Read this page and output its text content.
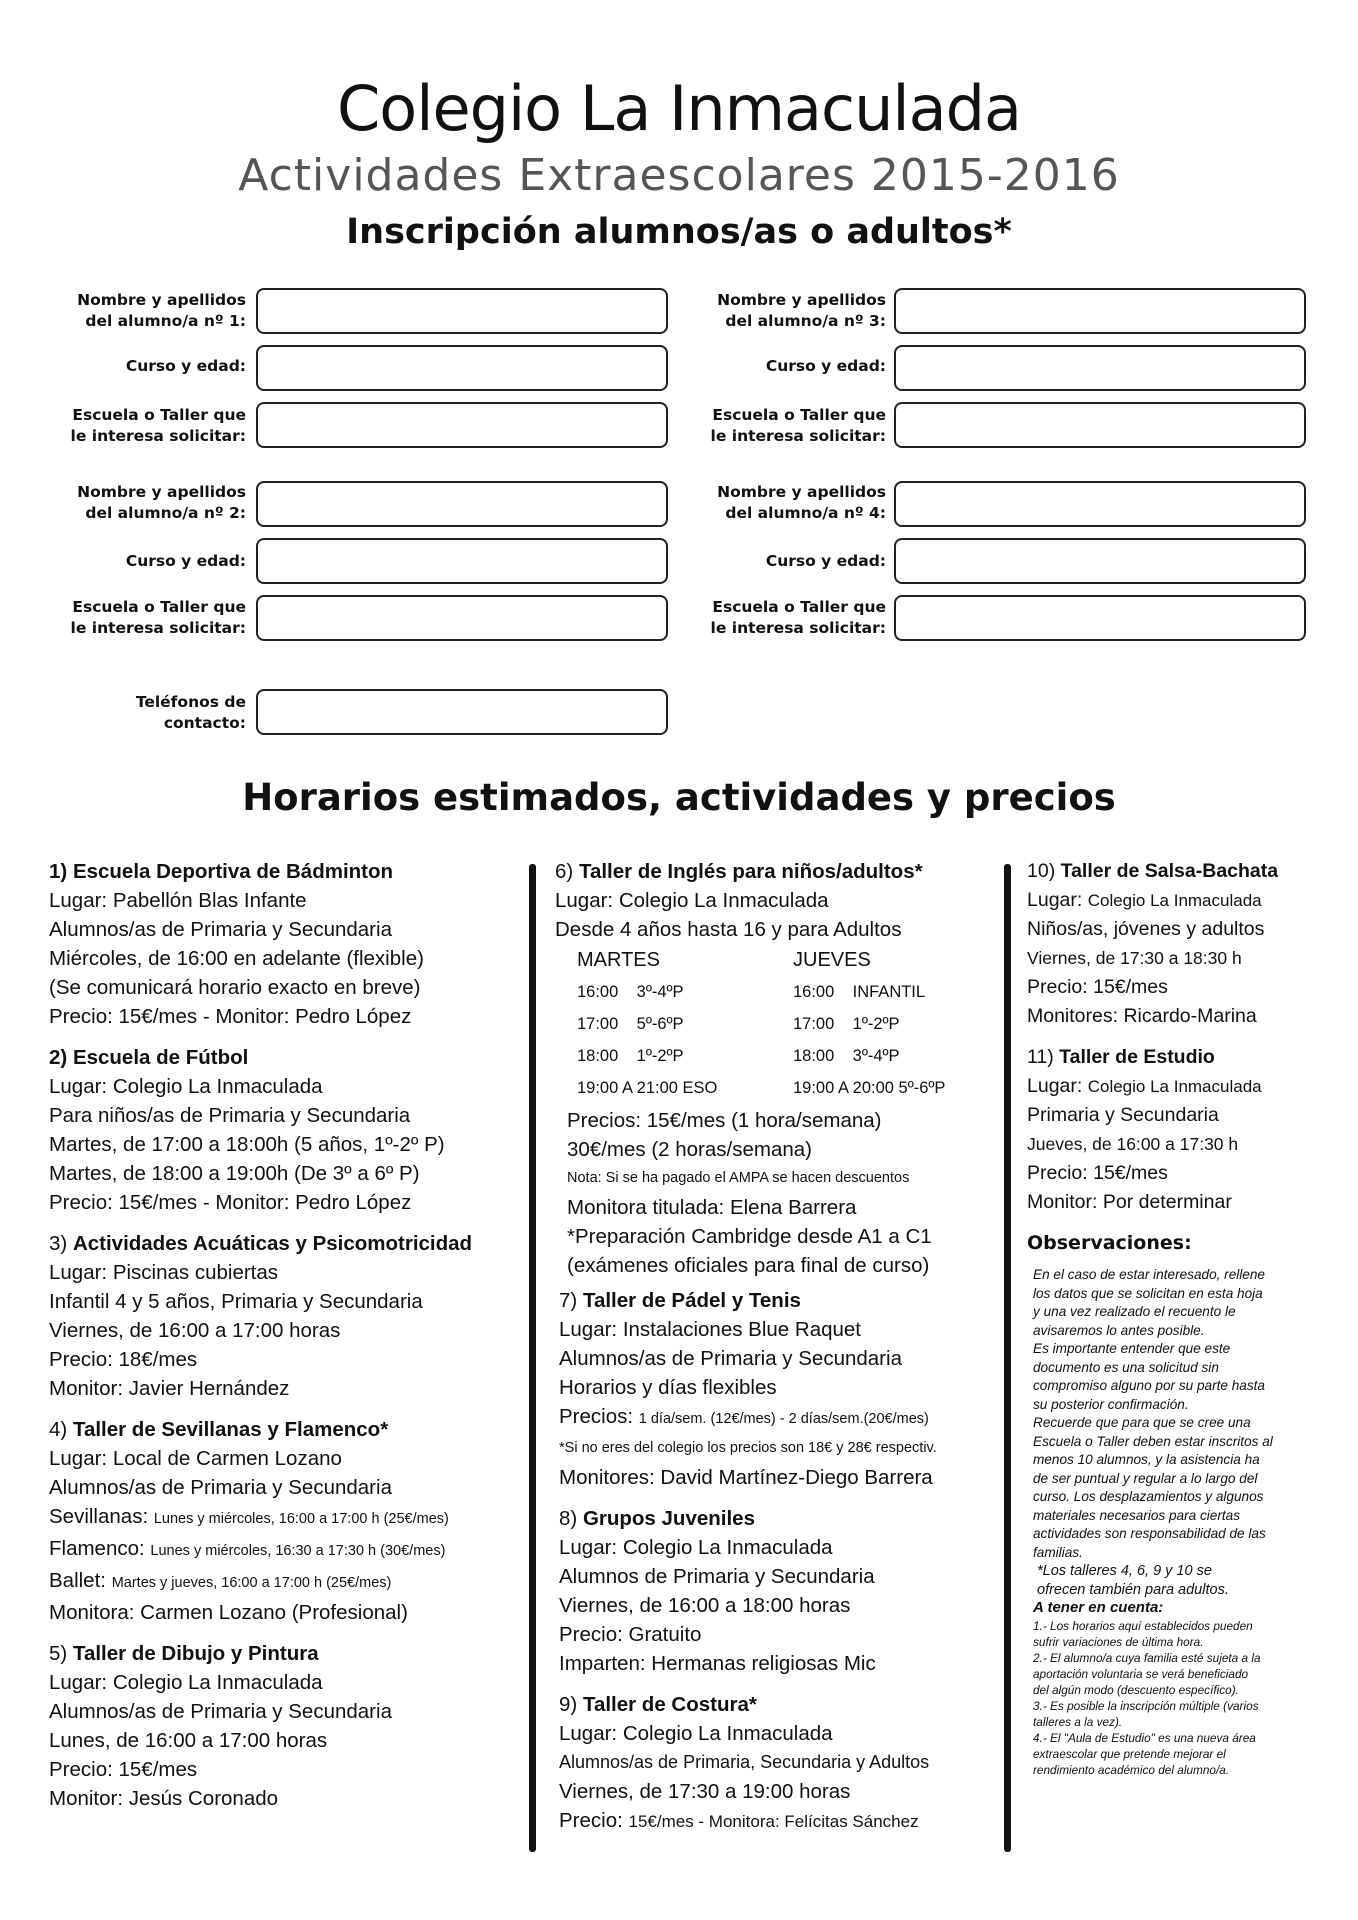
Colegio La Inmaculada
Actividades Extraescolares 2015-2016
Inscripción alumnos/as o adultos*
Nombre y apellidos
del alumno/a nº 1:
Curso y edad:
Escuela o Taller que
le interesa solicitar:
Nombre y apellidos
del alumno/a nº 2:
Curso y edad:
Escuela o Taller que
le interesa solicitar:
Teléfonos de
contacto:
Nombre y apellidos
del alumno/a nº 3:
Curso y edad:
Escuela o Taller que
le interesa solicitar:
Nombre y apellidos
del alumno/a nº 4:
Curso y edad:
Escuela o Taller que
le interesa solicitar:
Horarios estimados, actividades y precios
1) Escuela Deportiva de Bádminton
Lugar: Pabellón Blas Infante
Alumnos/as de Primaria y Secundaria
Miércoles, de 16:00 en adelante (flexible)
(Se comunicará horario exacto en breve)
Precio: 15€/mes - Monitor: Pedro López
2) Escuela de Fútbol
Lugar: Colegio La Inmaculada
Para niños/as de Primaria y Secundaria
Martes, de 17:00 a 18:00h (5 años, 1º-2º P)
Martes, de 18:00 a 19:00h (De 3º a 6º P)
Precio: 15€/mes - Monitor: Pedro López
3) Actividades Acuáticas y Psicomotricidad
Lugar: Piscinas cubiertas
Infantil 4 y 5 años, Primaria y Secundaria
Viernes, de 16:00 a 17:00 horas
Precio: 18€/mes
Monitor: Javier Hernández
4) Taller de Sevillanas y Flamenco*
Lugar: Local de Carmen Lozano
Alumnos/as de Primaria y Secundaria
Sevillanas: Lunes y miércoles, 16:00 a 17:00 h (25€/mes)
Flamenco: Lunes y miércoles, 16:30 a 17:30 h (30€/mes)
Ballet: Martes y jueves, 16:00 a 17:00 h (25€/mes)
Monitora: Carmen Lozano (Profesional)
5) Taller de Dibujo y Pintura
Lugar: Colegio La Inmaculada
Alumnos/as de Primaria y Secundaria
Lunes, de 16:00 a 17:00 horas
Precio: 15€/mes
Monitor: Jesús Coronado
6) Taller de Inglés para niños/adultos*
Lugar: Colegio La Inmaculada
Desde 4 años hasta 16 y para Adultos
MARTES	JUEVES
16:00 3º-4ºP	16:00 INFANTIL
17:00 5º-6ºP	17:00 1º-2ºP
18:00 1º-2ºP	18:00 3º-4ºP
19:00 A 21:00 ESO	19:00 A 20:00 5º-6ºP
Precios: 15€/mes (1 hora/semana)
30€/mes (2 horas/semana)
Nota: Si se ha pagado el AMPA se hacen descuentos
Monitora titulada: Elena Barrera
*Preparación Cambridge desde A1 a C1
(exámenes oficiales para final de curso)
7) Taller de Pádel y Tenis
Lugar: Instalaciones Blue Raquet
Alumnos/as de Primaria y Secundaria
Horarios y días flexibles
Precios: 1 día/sem. (12€/mes) - 2 días/sem.(20€/mes)
*Si no eres del colegio los precios son 18€ y 28€ respectiv.
Monitores: David Martínez-Diego Barrera
8) Grupos Juveniles
Lugar: Colegio La Inmaculada
Alumnos de Primaria y Secundaria
Viernes, de 16:00 a 18:00 horas
Precio: Gratuito
Imparten: Hermanas religiosas Mic
9) Taller de Costura*
Lugar: Colegio La Inmaculada
Alumnos/as de Primaria, Secundaria y Adultos
Viernes, de 17:30 a 19:00 horas
Precio: 15€/mes - Monitora: Felícitas Sánchez
10) Taller de Salsa-Bachata
Lugar: Colegio La Inmaculada
Niños/as, jóvenes y adultos
Viernes, de 17:30 a 18:30 h
Precio: 15€/mes
Monitores: Ricardo-Marina
11) Taller de Estudio
Lugar: Colegio La Inmaculada
Primaria y Secundaria
Jueves, de 16:00 a 17:30 h
Precio: 15€/mes
Monitor: Por determinar
Observaciones:
En el caso de estar interesado, rellene
los datos que se solicitan en esta hoja
y una vez realizado el recuento le
avisaremos lo antes posible.
Es importante entender que este
documento es una solicitud sin
compromiso alguno por su parte hasta
su posterior confirmación.
Recuerde que para que se cree una
Escuela o Taller deben estar inscritos al
menos 10 alumnos, y la asistencia ha
de ser puntual y regular a lo largo del
curso. Los desplazamientos y algunos
materiales necesarios para ciertas
actividades son responsabilidad de las
familias.
*Los talleres 4, 6, 9 y 10 se
ofrecen también para adultos.
A tener en cuenta:
1.- Los horarios aquí establecidos pueden
sufrir variaciones de última hora.
2.- El alumno/a cuya familia esté sujeta a la
aportación voluntaria se verá beneficiado
del algún modo (descuento específico).
3.- Es posible la inscripción múltiple (varios
talleres a la vez).
4.- El "Aula de Estudio" es una nueva área
extraescolar que pretende mejorar el
rendimiento académico del alumno/a.
